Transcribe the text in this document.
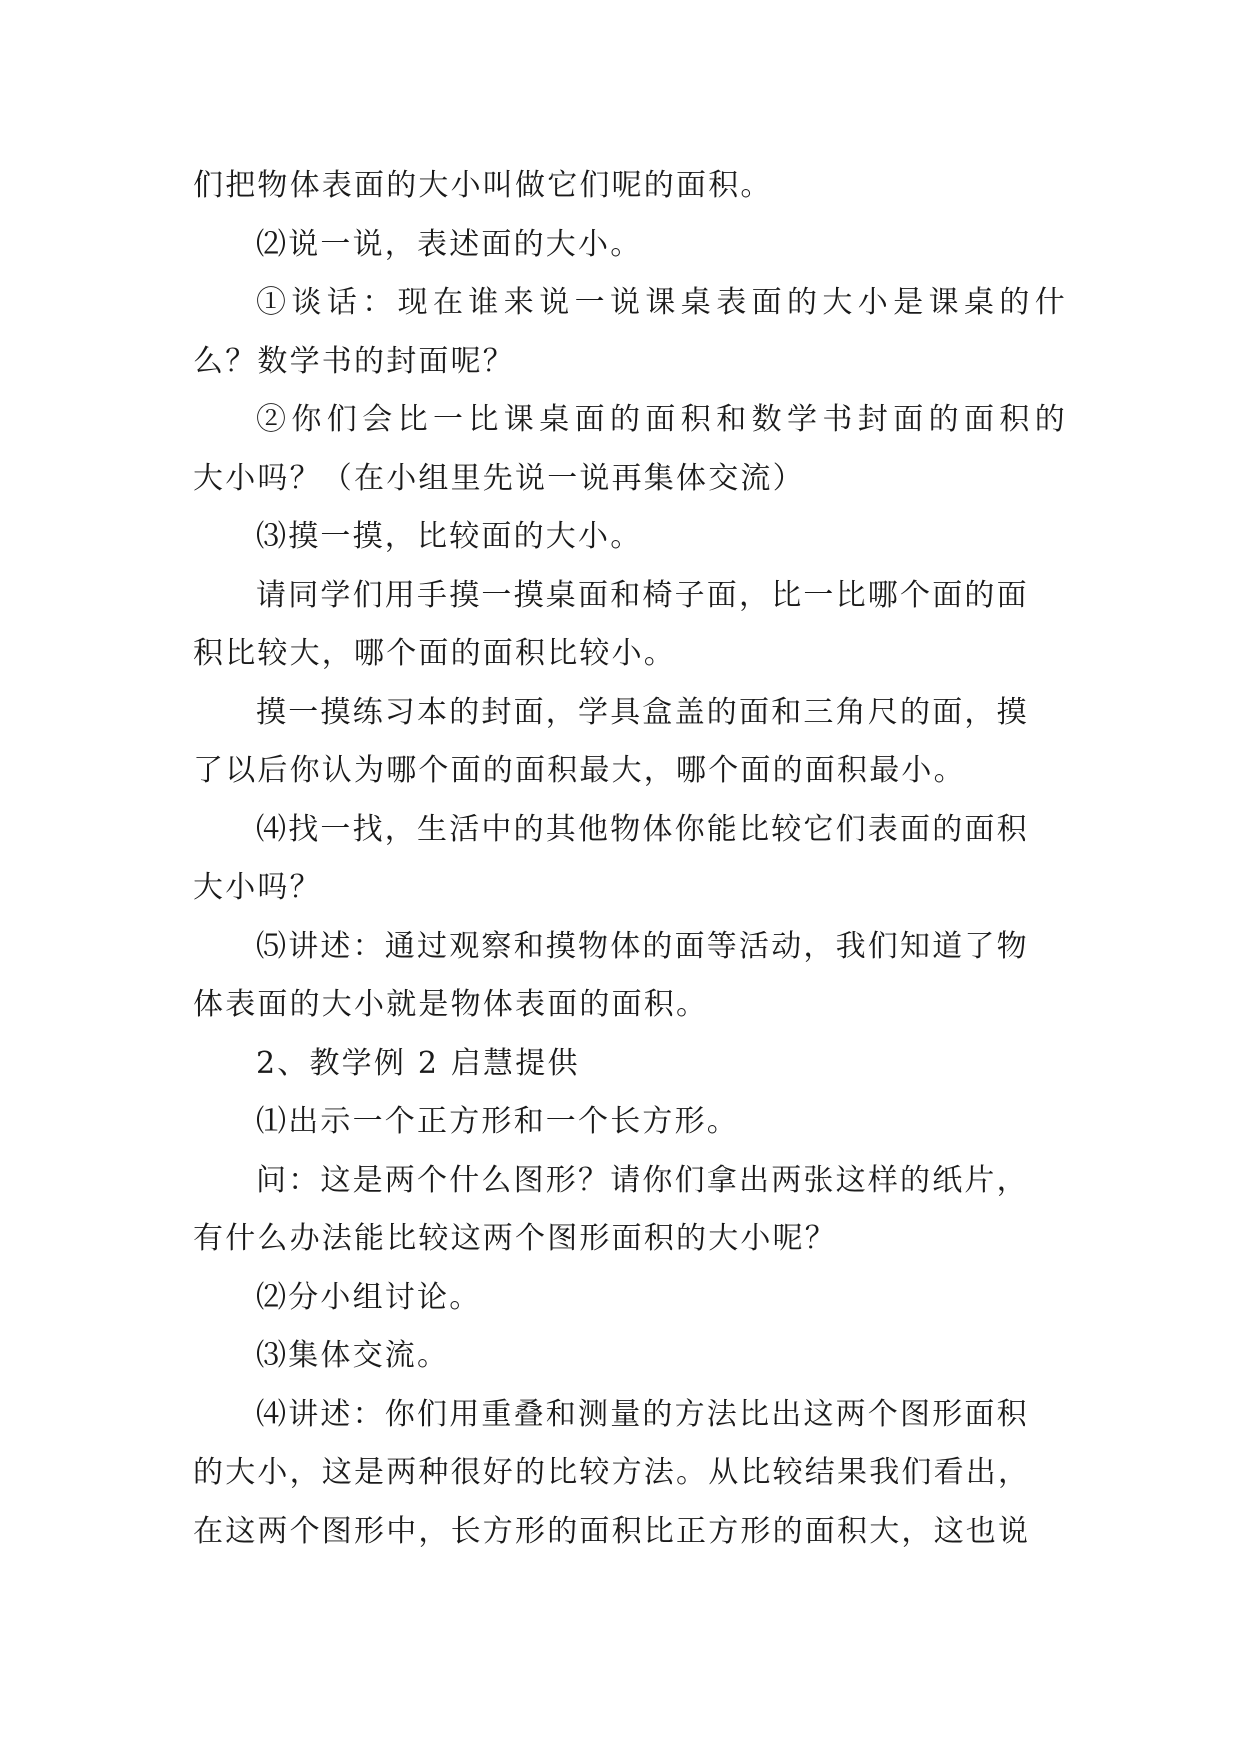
们把物体表面的大小叫做它们呢的面积。
⑵说一说，表述面的大小。
①谈话：现在谁来说一说课桌表面的大小是课桌的什
么？数学书的封面呢？
②你们会比一比课桌面的面积和数学书封面的面积的
大小吗？（在小组里先说一说再集体交流）
⑶摸一摸，比较面的大小。
请同学们用手摸一摸桌面和椅子面，比一比哪个面的面
积比较大，哪个面的面积比较小。
摸一摸练习本的封面，学具盒盖的面和三角尺的面，摸
了以后你认为哪个面的面积最大，哪个面的面积最小。
⑷找一找，生活中的其他物体你能比较它们表面的面积
大小吗？
⑸讲述：通过观察和摸物体的面等活动，我们知道了物
体表面的大小就是物体表面的面积。
2、教学例 2 启慧提供
⑴出示一个正方形和一个长方形。
问：这是两个什么图形？请你们拿出两张这样的纸片，
有什么办法能比较这两个图形面积的大小呢？
⑵分小组讨论。
⑶集体交流。
⑷讲述：你们用重叠和测量的方法比出这两个图形面积
的大小，这是两种很好的比较方法。从比较结果我们看出，
在这两个图形中，长方形的面积比正方形的面积大，这也说
